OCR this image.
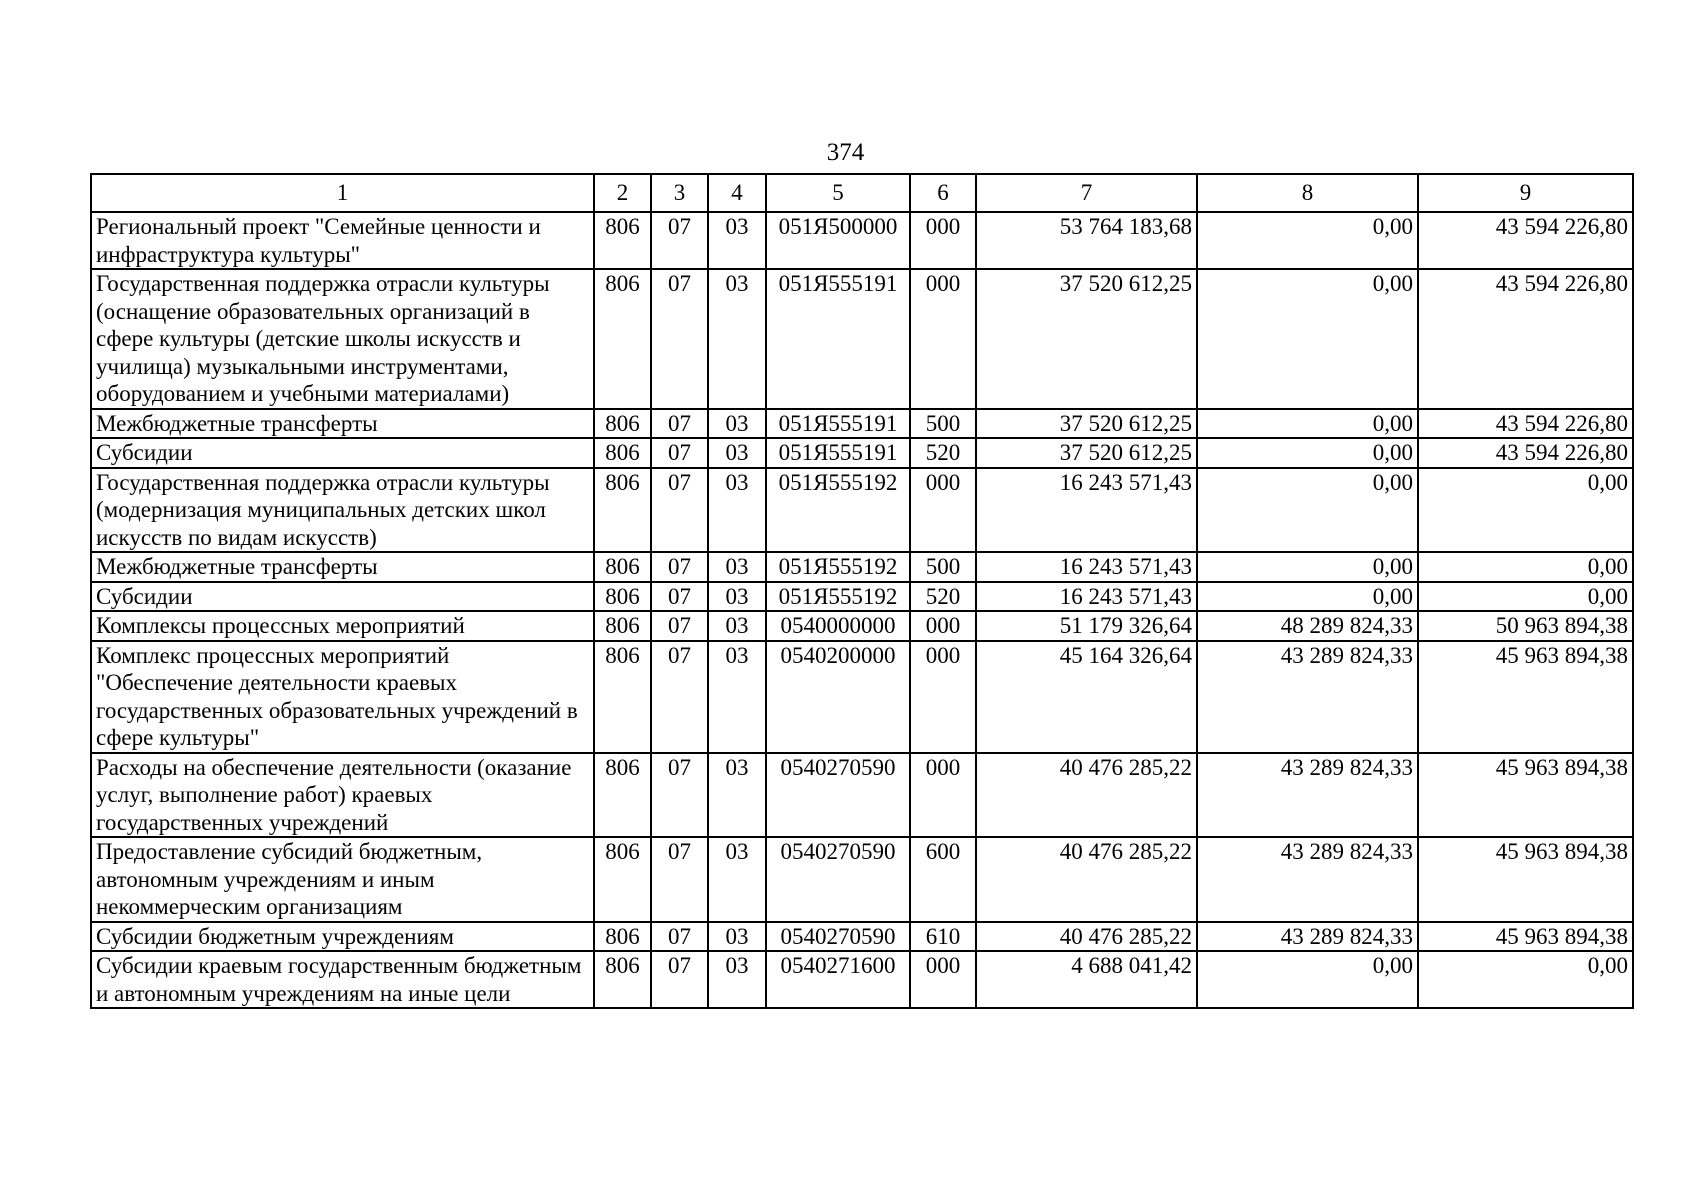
374
1	2	3	4	5	6	7	8	9
Региональный проект "Семейные ценности и инфраструктура культуры"	806	07	03	051Я500000	000	53 764 183,68	0,00	43 594 226,80
Государственная поддержка отрасли культуры (оснащение образовательных организаций в сфере культуры (детские школы искусств и училища) музыкальными инструментами, оборудованием и учебными материалами)	806	07	03	051Я555191	000	37 520 612,25	0,00	43 594 226,80
Межбюджетные трансферты	806	07	03	051Я555191	500	37 520 612,25	0,00	43 594 226,80
Субсидии	806	07	03	051Я555191	520	37 520 612,25	0,00	43 594 226,80
Государственная поддержка отрасли культуры (модернизация муниципальных детских школ искусств по видам искусств)	806	07	03	051Я555192	000	16 243 571,43	0,00	0,00
Межбюджетные трансферты	806	07	03	051Я555192	500	16 243 571,43	0,00	0,00
Субсидии	806	07	03	051Я555192	520	16 243 571,43	0,00	0,00
Комплексы процессных мероприятий	806	07	03	0540000000	000	51 179 326,64	48 289 824,33	50 963 894,38
Комплекс процессных мероприятий "Обеспечение деятельности краевых государственных образовательных учреждений в сфере культуры"	806	07	03	0540200000	000	45 164 326,64	43 289 824,33	45 963 894,38
Расходы на обеспечение деятельности (оказание услуг, выполнение работ) краевых государственных учреждений	806	07	03	0540270590	000	40 476 285,22	43 289 824,33	45 963 894,38
Предоставление субсидий бюджетным, автономным учреждениям и иным некоммерческим организациям	806	07	03	0540270590	600	40 476 285,22	43 289 824,33	45 963 894,38
Субсидии бюджетным учреждениям	806	07	03	0540270590	610	40 476 285,22	43 289 824,33	45 963 894,38
Субсидии краевым государственным бюджетным и автономным учреждениям на иные цели	806	07	03	0540271600	000	4 688 041,42	0,00	0,00
